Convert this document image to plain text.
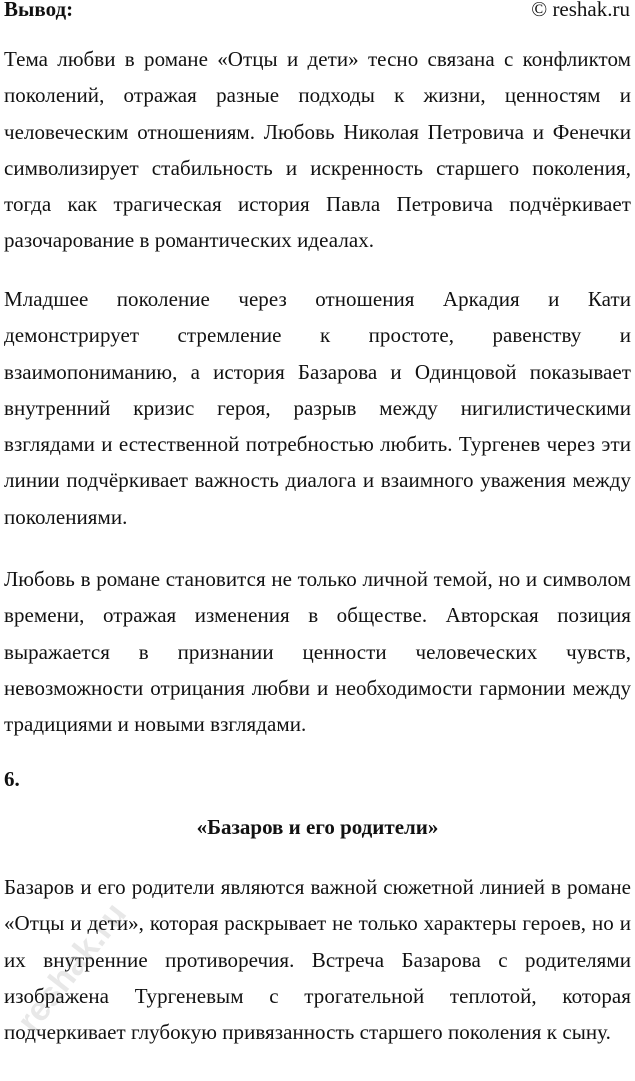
Вывод:	© reshak.ru

Тема любви в романе «Отцы и дети» тесно связана с конфликтом поколений, отражая разные подходы к жизни, ценностям и человеческим отношениям. Любовь Николая Петровича и Фенечки символизирует стабильность и искренность старшего поколения, тогда как трагическая история Павла Петровича подчёркивает разочарование в романтических идеалах.

Младшее поколение через отношения Аркадия и Кати демонстрирует стремление к простоте, равенству и взаимопониманию, а история Базарова и Одинцовой показывает внутренний кризис героя, разрыв между нигилистическими взглядами и естественной потребностью любить. Тургенев через эти линии подчёркивает важность диалога и взаимного уважения между поколениями.

Любовь в романе становится не только личной темой, но и символом времени, отражая изменения в обществе. Авторская позиция выражается в признании ценности человеческих чувств, невозможности отрицания любви и необходимости гармонии между традициями и новыми взглядами.

6.
«Базаров и его родители»

Базаров и его родители являются важной сюжетной линией в романе «Отцы и дети», которая раскрывает не только характеры героев, но и их внутренние противоречия. Встреча Базарова с родителями изображена Тургеневым с трогательной теплотой, которая подчеркивает глубокую привязанность старшего поколения к сыну.

reshak.ru
